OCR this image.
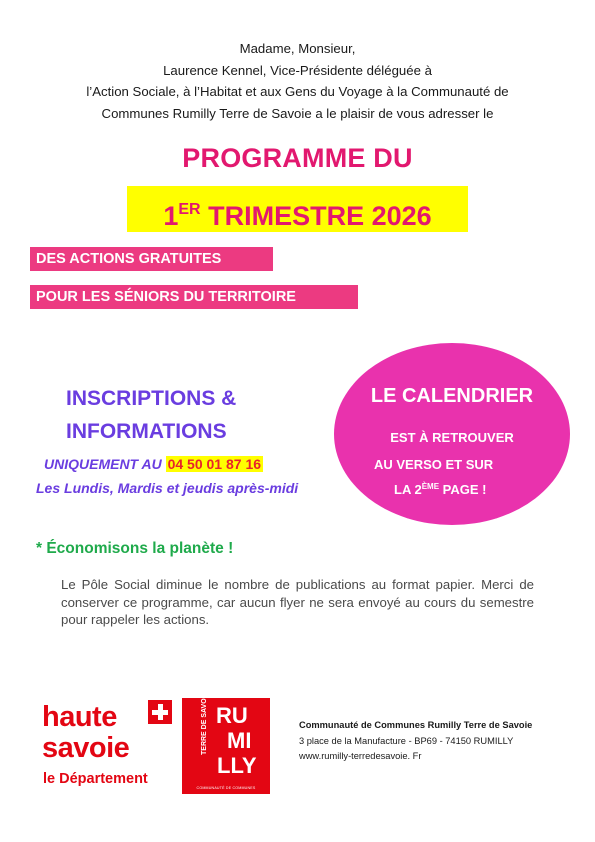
Madame, Monsieur,
Laurence Kennel, Vice-Présidente déléguée à
l’Action Sociale, à l’Habitat et aux Gens du Voyage à la Communauté de
Communes Rumilly Terre de Savoie a le plaisir de vous adresser le
PROGRAMME DU
1ER TRIMESTRE 2026
DES ACTIONS GRATUITES
POUR LES SÉNIORS DU TERRITOIRE
INSCRIPTIONS &
INFORMATIONS
UNIQUEMENT AU 04 50 01 87 16
Les Lundis, Mardis et jeudis après-midi
LE CALENDRIER
EST À RETROUVER
AU VERSO ET SUR
LA 2ÈME PAGE !
* Économisons la planète !
Le Pôle Social diminue le nombre de publications au format papier. Merci de conserver ce programme, car aucun flyer ne sera envoyé au cours du semestre pour rappeler les actions.
haute
savoie
le Département
RU
MI
LLY
TERRE DE SAVOIE
COMMUNAUTÉ DE COMMUNES
Communauté de Communes Rumilly Terre de Savoie
3 place de la Manufacture - BP69 - 74150 RUMILLY
www.rumilly-terredesavoie. Fr
